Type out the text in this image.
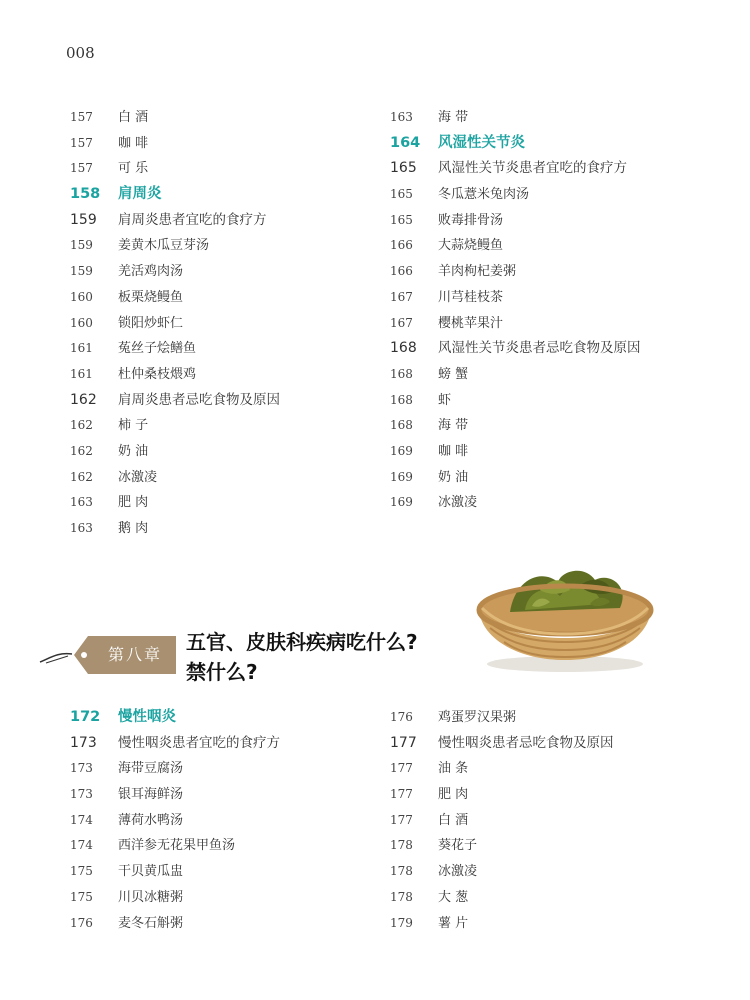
008
157 白 酒
157 咖 啡
157 可 乐
158 肩周炎
159 肩周炎患者宜吃的食疗方
159 姜黄木瓜豆芽汤
159 羌活鸡肉汤
160 板栗烧鳗鱼
160 锁阳炒虾仁
161 菟丝子烩鳝鱼
161 杜仲桑枝煨鸡
162 肩周炎患者忌吃食物及原因
162 柿 子
162 奶 油
162 冰激凌
163 肥 肉
163 鹅 肉
163 海 带
164 风湿性关节炎
165 风湿性关节炎患者宜吃的食疗方
165 冬瓜薏米兔肉汤
165 败毒排骨汤
166 大蒜烧鳗鱼
166 羊肉枸杞姜粥
167 川芎桂枝茶
167 樱桃苹果汁
168 风湿性关节炎患者忌吃食物及原因
168 螃 蟹
168 虾
168 海 带
169 咖 啡
169 奶 油
169 冰激凌
第八章
五官、皮肤科疾病吃什么?
禁什么?
172 慢性咽炎
173 慢性咽炎患者宜吃的食疗方
173 海带豆腐汤
173 银耳海鲜汤
174 薄荷水鸭汤
174 西洋参无花果甲鱼汤
175 干贝黄瓜盅
175 川贝冰糖粥
176 麦冬石斛粥
176 鸡蛋罗汉果粥
177 慢性咽炎患者忌吃食物及原因
177 油 条
177 肥 肉
177 白 酒
178 葵花子
178 冰激凌
178 大 葱
179 薯 片
